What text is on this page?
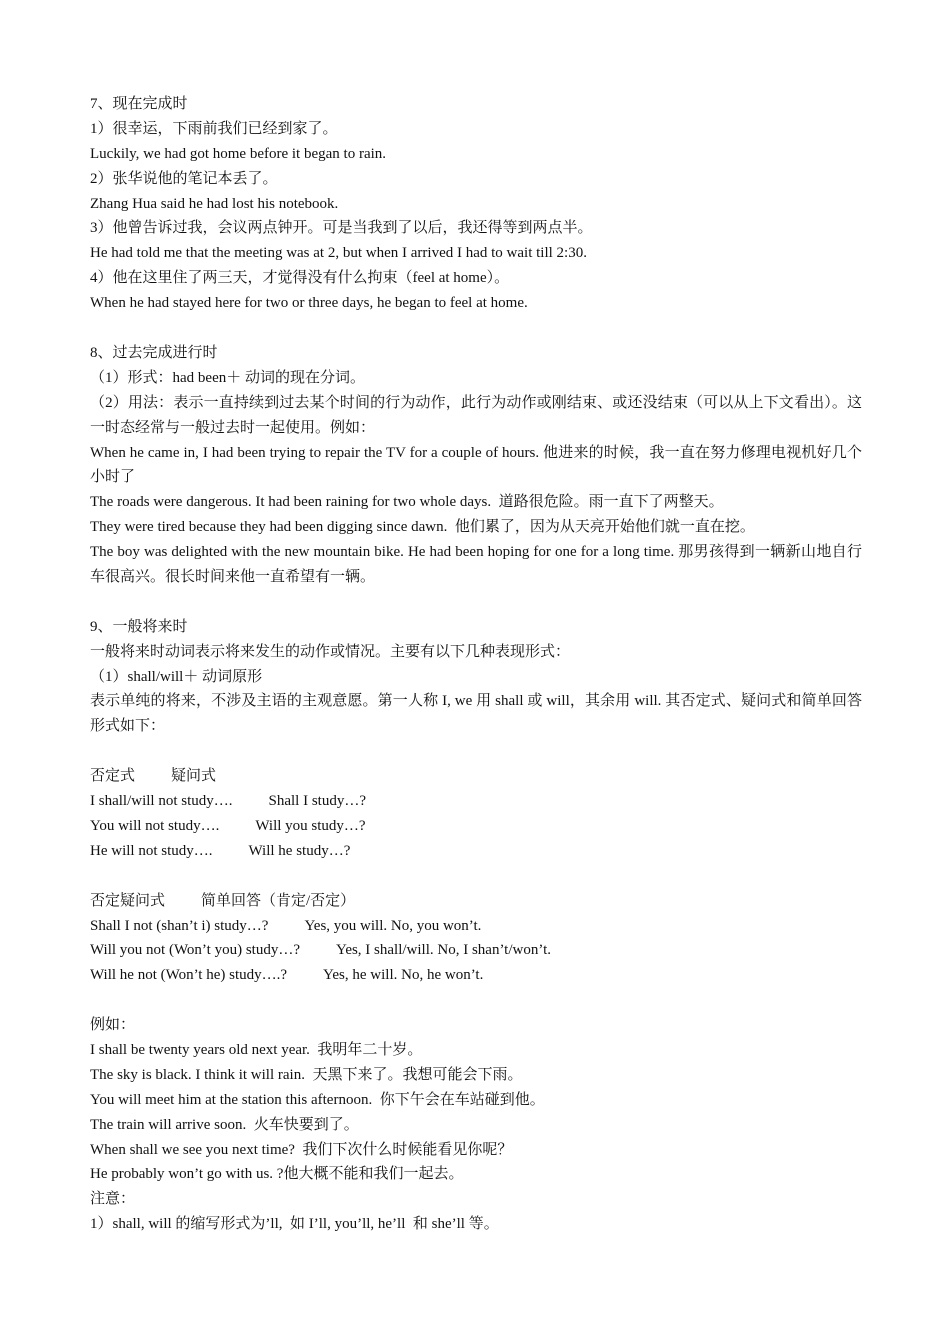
7、现在完成时
1）很幸运，下雨前我们已经到家了。
Luckily, we had got home before it began to rain.
2）张华说他的笔记本丢了。
Zhang Hua said he had lost his notebook.
3）他曾告诉过我，会议两点钟开。可是当我到了以后，我还得等到两点半。
He had told me that the meeting was at 2, but when I arrived I had to wait till 2:30.
4）他在这里住了两三天，才觉得没有什么拘束（feel at home）。
When he had stayed here for two or three days, he began to feel at home.
8、过去完成进行时
（1）形式：had been＋ 动词的现在分词。
（2）用法：表示一直持续到过去某个时间的行为动作，此行为动作或刚结束、或还没结束（可以从上下文看出）。这一时态经常与一般过去时一起使用。例如：
When he came in, I had been trying to repair the TV for a couple of hours. 他进来的时候，我一直在努力修理电视机好几个小时了
The roads were dangerous. It had been raining for two whole days.  道路很危险。雨一直下了两整天。
They were tired because they had been digging since dawn.  他们累了，因为从天亮开始他们就一直在挖。
The boy was delighted with the new mountain bike. He had been hoping for one for a long time. 那男孩得到一辆新山地自行车很高兴。很长时间来他一直希望有一辆。
9、一般将来时
一般将来时动词表示将来发生的动作或情况。主要有以下几种表现形式：
（1）shall/will＋ 动词原形
表示单纯的将来，不涉及主语的主观意愿。第一人称 I, we 用 shall 或 will，其余用 will. 其否定式、疑问式和简单回答形式如下：
否定式 疑问式
I shall/will not study…. Shall I study…?
You will not study…. Will you study…?
He will not study…. Will he study…?
否定疑问式 简单回答（肯定/否定）
Shall I not (shan’t i) study…? Yes, you will. No, you won’t.
Will you not (Won’t you) study…? Yes, I shall/will. No, I shan’t/won’t.
Will he not (Won’t he) study….? Yes, he will. No, he won’t.
例如：
I shall be twenty years old next year.  我明年二十岁。
The sky is black. I think it will rain.  天黑下来了。我想可能会下雨。
You will meet him at the station this afternoon.  你下午会在车站碰到他。
The train will arrive soon.  火车快要到了。
When shall we see you next time?  我们下次什么时候能看见你呢？
He probably won’t go with us. ?他大概不能和我们一起去。
注意：
1）shall, will 的缩写形式为’ll,  如 I’ll, you’ll, he’ll  和 she’ll 等。
